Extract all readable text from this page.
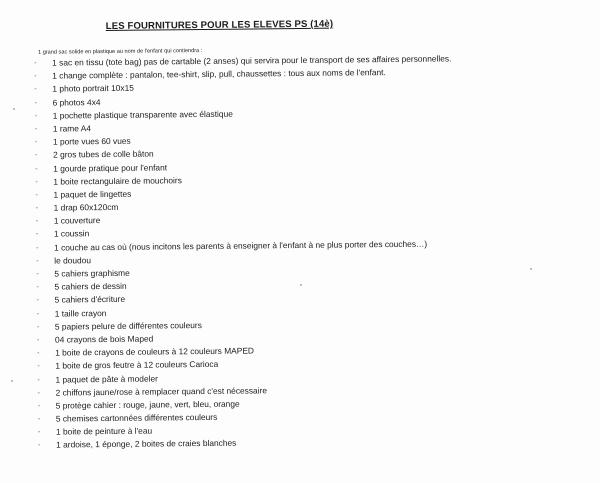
LES FOURNITURES POUR LES ELEVES PS (14è)
1 grand sac solide en plastique au nom de l'enfant qui contiendra :
- 1 sac en tissu (tote bag) pas de cartable (2 anses) qui servira pour le transport de ses affaires personnelles.
- 1 change complète : pantalon, tee-shirt, slip, pull, chaussettes : tous aux noms de l'enfant.
- 1 photo portrait 10x15
- 6 photos 4x4
- 1 pochette plastique transparente avec élastique
- 1 rame A4
- 1 porte vues 60 vues
- 2 gros tubes de colle bâton
- 1 gourde pratique pour l'enfant
- 1 boite rectangulaire de mouchoirs
- 1 paquet de lingettes
- 1 drap 60x120cm
- 1 couverture
- 1 coussin
- 1 couche au cas où (nous incitons les parents à enseigner à l'enfant à ne plus porter des couches…)
- le doudou
- 5 cahiers graphisme
- 5 cahiers de dessin
- 5 cahiers d'écriture
- 1 taille crayon
- 5 papiers pelure de différentes couleurs
- 04 crayons de bois Maped
- 1 boite de crayons de couleurs à 12 couleurs MAPED
- 1 boite de gros feutre à 12 couleurs Carioca
- 1 paquet de pâte à modeler
- 2 chiffons jaune/rose à remplacer quand c'est nécessaire
- 5 protège cahier : rouge, jaune, vert, bleu, orange
- 5 chemises cartonnées différentes couleurs
- 1 boite de peinture à l'eau
- 1 ardoise, 1 éponge, 2 boites de craies blanches
